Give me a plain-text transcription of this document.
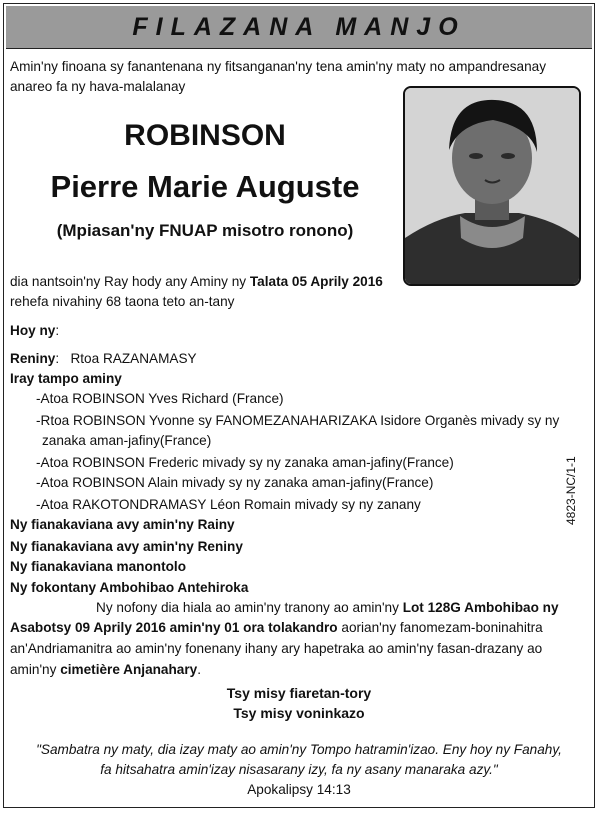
FILAZANA MANJO
Amin'ny finoana sy fanantenana ny fitsanganan'ny tena amin'ny maty no ampandresanay
anareo fa ny hava-malalanay
ROBINSON
Pierre Marie Auguste
(Mpiasan'ny FNUAP misotro ronono)
dia nantsoin'ny Ray hody any Aminy ny Talata 05 Aprily 2016
rehefa nivahiny 68 taona teto an-tany
Hoy ny:
Reniny: Rtoa RAZANAMASY
Iray tampo aminy
-Atoa ROBINSON Yves Richard (France)
-Rtoa ROBINSON Yvonne sy FANOMEZANAHARIZAKA Isidore Organès mivady sy ny
zanaka aman-jafiny(France)
-Atoa ROBINSON Frederic mivady sy ny zanaka aman-jafiny(France)
-Atoa ROBINSON Alain mivady sy ny zanaka aman-jafiny(France)
-Atoa RAKOTONDRAMASY Léon Romain mivady sy ny zanany
Ny fianakaviana avy amin'ny Rainy
Ny fianakaviana avy amin'ny Reniny
Ny fianakaviana manontolo
Ny fokontany Ambohibao Antehiroka
4823-NC/1-1
Ny nofony dia hiala ao amin'ny tranony ao amin'ny Lot 128G Ambohibao ny
Asabotsy 09 Aprily 2016 amin'ny 01 ora tolakandro aorian'ny fanomezam-boninahitra
an'Andriamanitra ao amin'ny fonenany ihany ary hapetraka ao amin'ny fasan-drazany ao
amin'ny cimetière Anjanahary.
Tsy misy fiaretan-tory
Tsy misy voninkazo
"Sambatra ny maty, dia izay maty ao amin'ny Tompo hatramin'izao. Eny hoy ny Fanahy,
fa hitsahatra amin'izay nisasarany izy, fa ny asany manaraka azy."
Apokalipsy 14:13
